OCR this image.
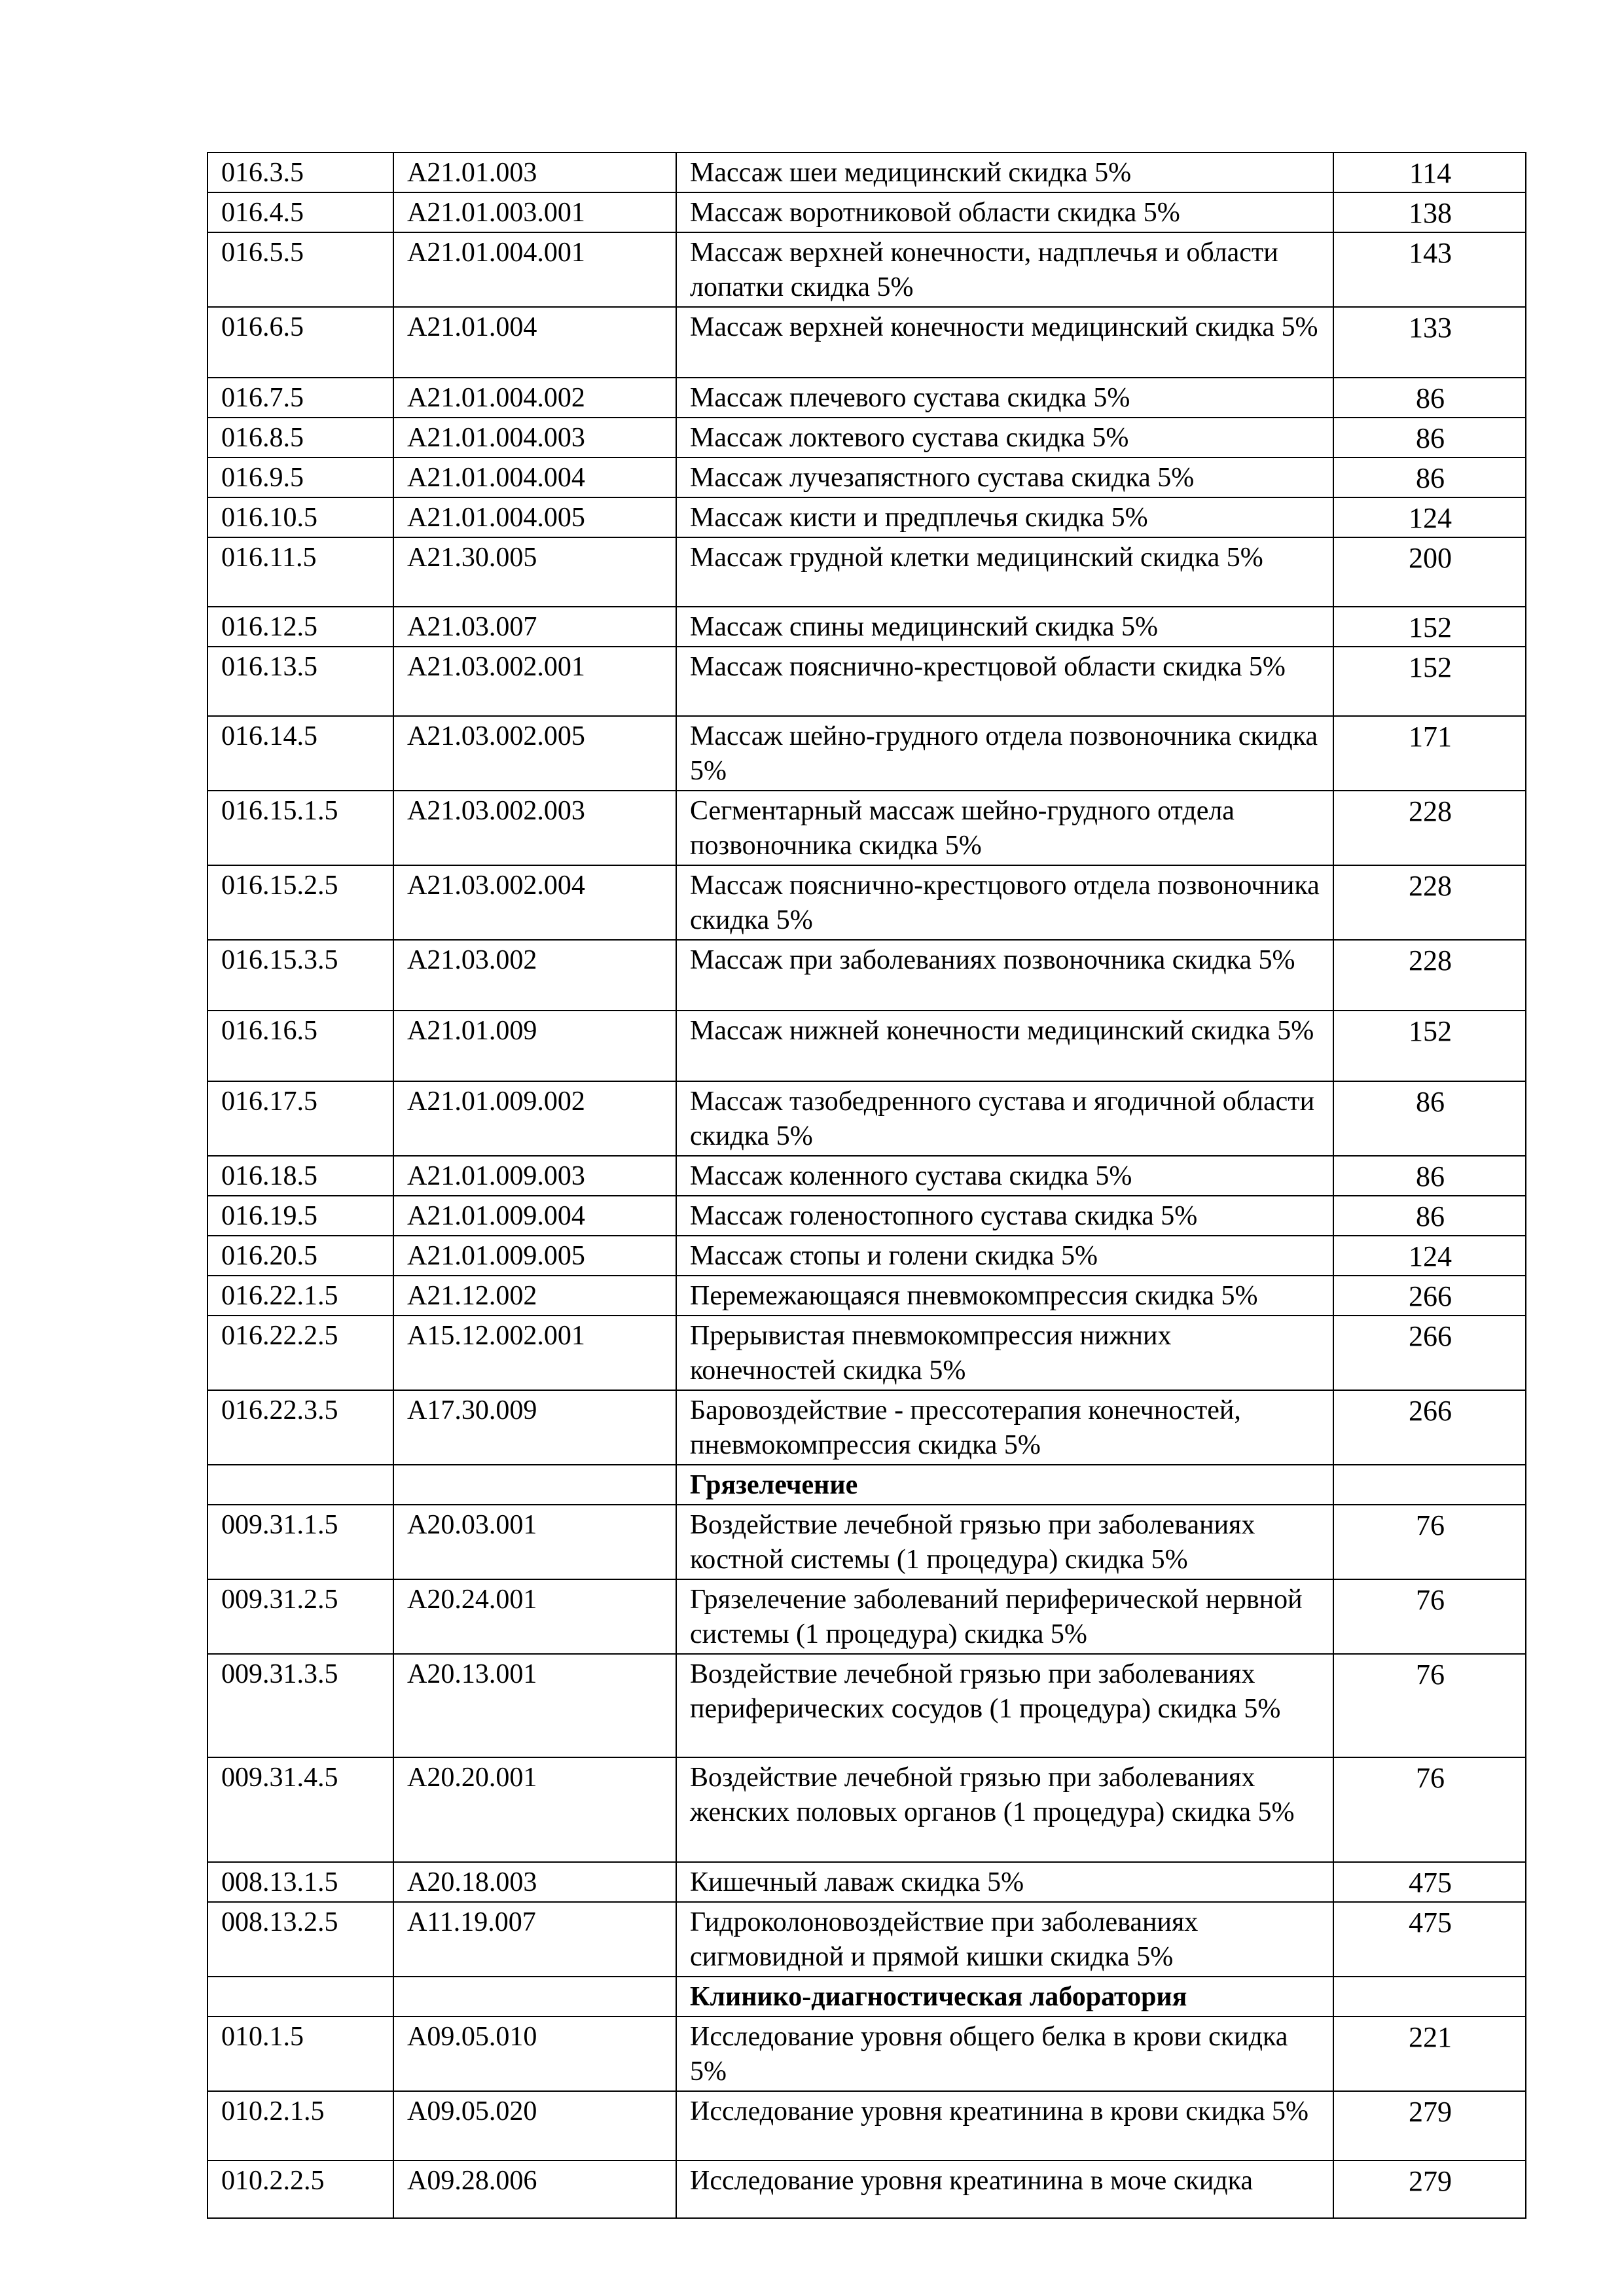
016.3.5	A21.01.003	Массаж шеи медицинский скидка 5%	114
016.4.5	A21.01.003.001	Массаж воротниковой области скидка 5%	138
016.5.5	A21.01.004.001	Массаж верхней конечности, надплечья и области лопатки скидка 5%	143
016.6.5	A21.01.004	Массаж верхней конечности медицинский скидка 5%	133
016.7.5	A21.01.004.002	Массаж плечевого сустава скидка 5%	86
016.8.5	A21.01.004.003	Массаж локтевого сустава скидка 5%	86
016.9.5	A21.01.004.004	Массаж лучезапястного сустава скидка 5%	86
016.10.5	A21.01.004.005	Массаж кисти и предплечья скидка 5%	124
016.11.5	A21.30.005	Массаж грудной клетки медицинский скидка 5%	200
016.12.5	A21.03.007	Массаж спины медицинский скидка 5%	152
016.13.5	A21.03.002.001	Массаж пояснично-крестцовой области скидка 5%	152
016.14.5	A21.03.002.005	Массаж шейно-грудного отдела позвоночника скидка 5%	171
016.15.1.5	A21.03.002.003	Сегментарный массаж шейно-грудного отдела позвоночника скидка 5%	228
016.15.2.5	A21.03.002.004	Массаж пояснично-крестцового отдела позвоночника скидка 5%	228
016.15.3.5	A21.03.002	Массаж при заболеваниях позвоночника скидка 5%	228
016.16.5	A21.01.009	Массаж нижней конечности медицинский скидка 5%	152
016.17.5	A21.01.009.002	Массаж тазобедренного сустава и ягодичной области скидка 5%	86
016.18.5	A21.01.009.003	Массаж коленного сустава скидка 5%	86
016.19.5	A21.01.009.004	Массаж голеностопного сустава скидка 5%	86
016.20.5	A21.01.009.005	Массаж стопы и голени скидка 5%	124
016.22.1.5	A21.12.002	Перемежающаяся пневмокомпрессия скидка 5%	266
016.22.2.5	A15.12.002.001	Прерывистая пневмокомпрессия нижних конечностей скидка 5%	266
016.22.3.5	A17.30.009	Баровоздействие - прессотерапия конечностей, пневмокомпрессия скидка 5%	266
		Грязелечение	
009.31.1.5	A20.03.001	Воздействие лечебной грязью при заболеваниях костной системы (1 процедура) скидка 5%	76
009.31.2.5	A20.24.001	Грязелечение заболеваний периферической нервной системы (1 процедура) скидка 5%	76
009.31.3.5	A20.13.001	Воздействие лечебной грязью при заболеваниях периферических сосудов (1 процедура) скидка 5%	76
009.31.4.5	A20.20.001	Воздействие лечебной грязью при заболеваниях женских половых органов (1 процедура) скидка 5%	76
008.13.1.5	A20.18.003	Кишечный лаваж скидка 5%	475
008.13.2.5	A11.19.007	Гидроколоновоздействие при заболеваниях сигмовидной и прямой кишки скидка 5%	475
		Клинико-диагностическая лаборатория	
010.1.5	A09.05.010	Исследование уровня общего белка в крови скидка 5%	221
010.2.1.5	A09.05.020	Исследование уровня креатинина в крови скидка 5%	279
010.2.2.5	A09.28.006	Исследование уровня креатинина в моче скидка	279
